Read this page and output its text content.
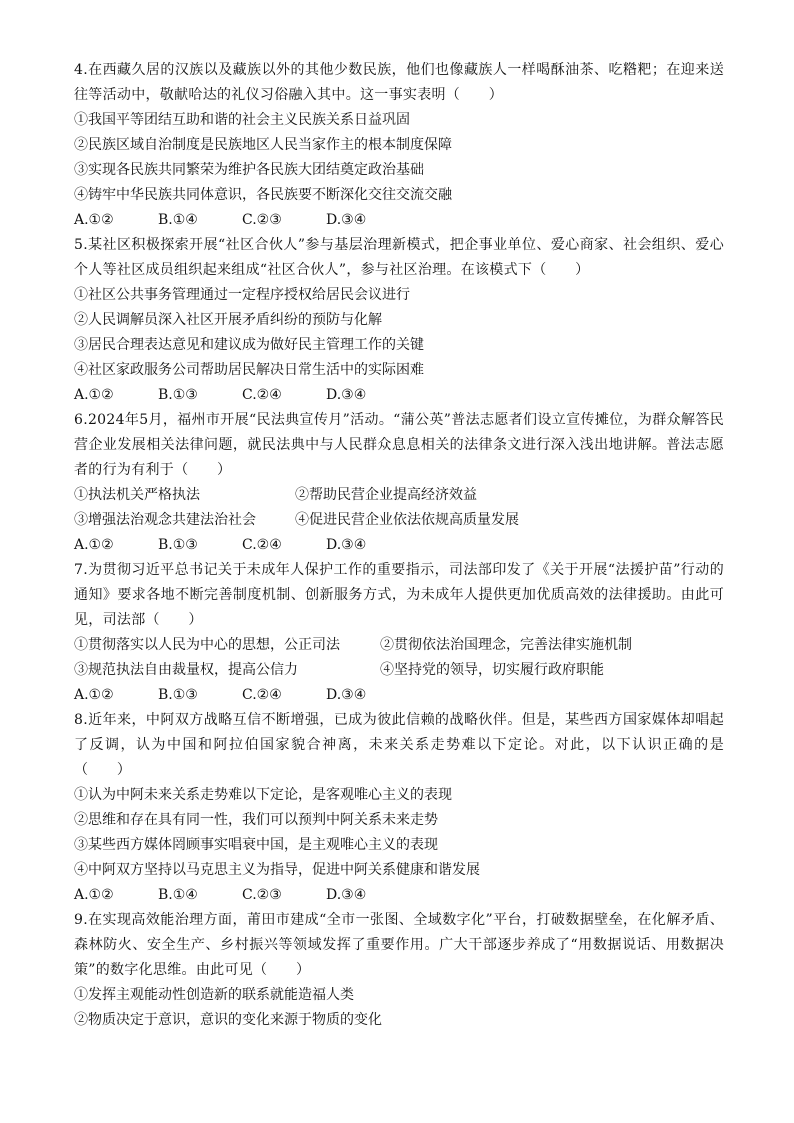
4.在西藏久居的汉族以及藏族以外的其他少数民族，他们也像藏族人一样喝酥油茶、吃糌粑；在迎来送往等活动中，敬献哈达的礼仪习俗融入其中。这一事实表明（　　）

①我国平等团结互助和谐的社会主义民族关系日益巩固

②民族区域自治制度是民族地区人民当家作主的根本制度保障

③实现各民族共同繁荣为维护各民族大团结奠定政治基础

④铸牢中华民族共同体意识，各民族要不断深化交往交流交融

A.①②	B.①④	C.②③	D.③④

5.某社区积极探索开展“社区合伙人”参与基层治理新模式，把企事业单位、爱心商家、社会组织、爱心个人等社区成员组织起来组成“社区合伙人”，参与社区治理。在该模式下（　　）

①社区公共事务管理通过一定程序授权给居民会议进行

②人民调解员深入社区开展矛盾纠纷的预防与化解

③居民合理表达意见和建议成为做好民主管理工作的关键

④社区家政服务公司帮助居民解决日常生活中的实际困难

A.①②	B.①③	C.②④	D.③④

6.2024年5月，福州市开展“民法典宣传月”活动。“蒲公英”普法志愿者们设立宣传摊位，为群众解答民营企业发展相关法律问题，就民法典中与人民群众息息相关的法律条文进行深入浅出地讲解。普法志愿者的行为有利于（　　）

①执法机关严格执法	②帮助民营企业提高经济效益
③增强法治观念共建法治社会	④促进民营企业依法依规高质量发展
A.①②	B.①③	C.②④	D.③④

7.为贯彻习近平总书记关于未成年人保护工作的重要指示，司法部印发了《关于开展“法援护苗”行动的通知》要求各地不断完善制度机制、创新服务方式，为未成年人提供更加优质高效的法律援助。由此可见，司法部（　　）

①贯彻落实以人民为中心的思想，公正司法	②贯彻依法治国理念，完善法律实施机制
③规范执法自由裁量权，提高公信力	④坚持党的领导，切实履行政府职能
A.①②	B.①③	C.②④	D.③④

8.近年来，中阿双方战略互信不断增强，已成为彼此信赖的战略伙伴。但是，某些西方国家媒体却唱起了反调，认为中国和阿拉伯国家貌合神离，未来关系走势难以下定论。对此，以下认识正确的是（　　）

①认为中阿未来关系走势难以下定论，是客观唯心主义的表现

②思维和存在具有同一性，我们可以预判中阿关系未来走势

③某些西方媒体罔顾事实唱衰中国，是主观唯心主义的表现

④中阿双方坚持以马克思主义为指导，促进中阿关系健康和谐发展

A.①②	B.①④	C.②③	D.③④

9.在实现高效能治理方面，莆田市建成“全市一张图、全域数字化”平台，打破数据壁垒，在化解矛盾、森林防火、安全生产、乡村振兴等领域发挥了重要作用。广大干部逐步养成了“用数据说话、用数据决策”的数字化思维。由此可见（　　）

①发挥主观能动性创造新的联系就能造福人类

②物质决定于意识，意识的变化来源于物质的变化
